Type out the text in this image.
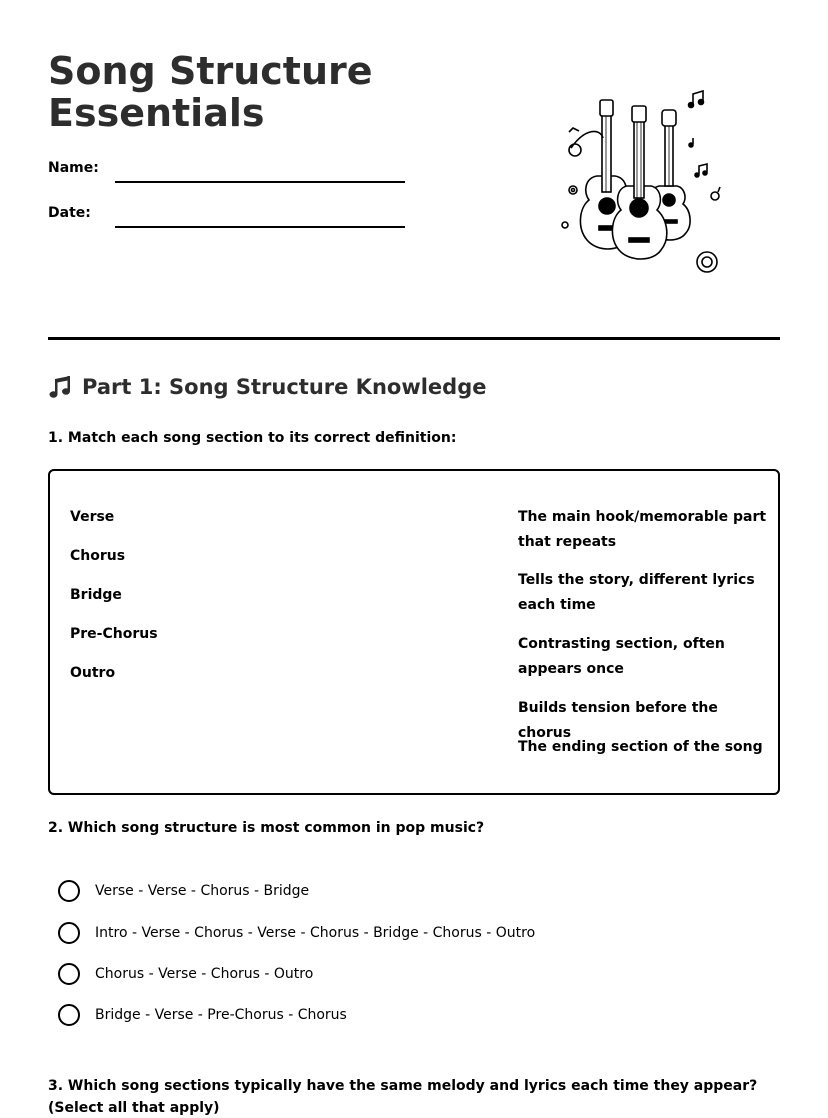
Song Structure Essentials
Name:
Date:
Part 1: Song Structure Knowledge
1. Match each song section to its correct definition:
Verse
Chorus
Bridge
Pre-Chorus
Outro
The main hook/memorable part that repeats
Tells the story, different lyrics each time
Contrasting section, often appears once
Builds tension before the chorus
The ending section of the song
2. Which song structure is most common in pop music?
Verse - Verse - Chorus - Bridge
Intro - Verse - Chorus - Verse - Chorus - Bridge - Chorus - Outro
Chorus - Verse - Chorus - Outro
Bridge - Verse - Pre-Chorus - Chorus
3. Which song sections typically have the same melody and lyrics each time they appear? (Select all that apply)
